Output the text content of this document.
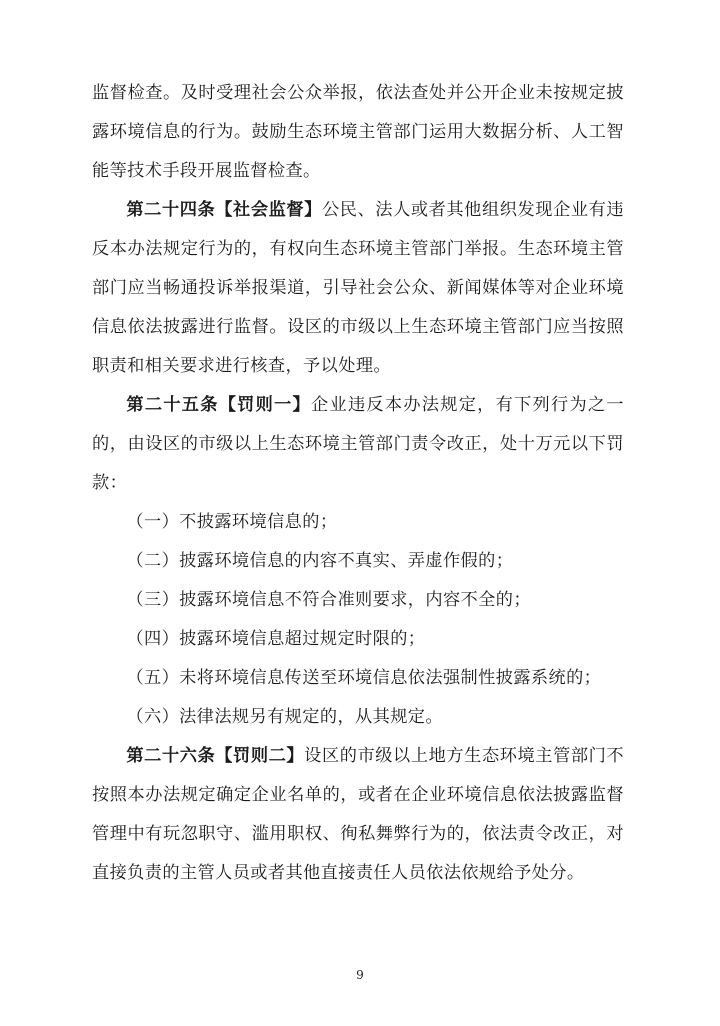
监督检查。及时受理社会公众举报，依法查处并公开企业未按规定披露环境信息的行为。鼓励生态环境主管部门运用大数据分析、人工智能等技术手段开展监督检查。

第二十四条【社会监督】公民、法人或者其他组织发现企业有违反本办法规定行为的，有权向生态环境主管部门举报。生态环境主管部门应当畅通投诉举报渠道，引导社会公众、新闻媒体等对企业环境信息依法披露进行监督。设区的市级以上生态环境主管部门应当按照职责和相关要求进行核查，予以处理。

第二十五条【罚则一】企业违反本办法规定，有下列行为之一的，由设区的市级以上生态环境主管部门责令改正，处十万元以下罚款：

（一）不披露环境信息的；

（二）披露环境信息的内容不真实、弄虚作假的；

（三）披露环境信息不符合准则要求，内容不全的；

（四）披露环境信息超过规定时限的；

（五）未将环境信息传送至环境信息依法强制性披露系统的；

（六）法律法规另有规定的，从其规定。

第二十六条【罚则二】设区的市级以上地方生态环境主管部门不按照本办法规定确定企业名单的，或者在企业环境信息依法披露监督管理中有玩忽职守、滥用职权、徇私舞弊行为的，依法责令改正，对直接负责的主管人员或者其他直接责任人员依法依规给予处分。

9
